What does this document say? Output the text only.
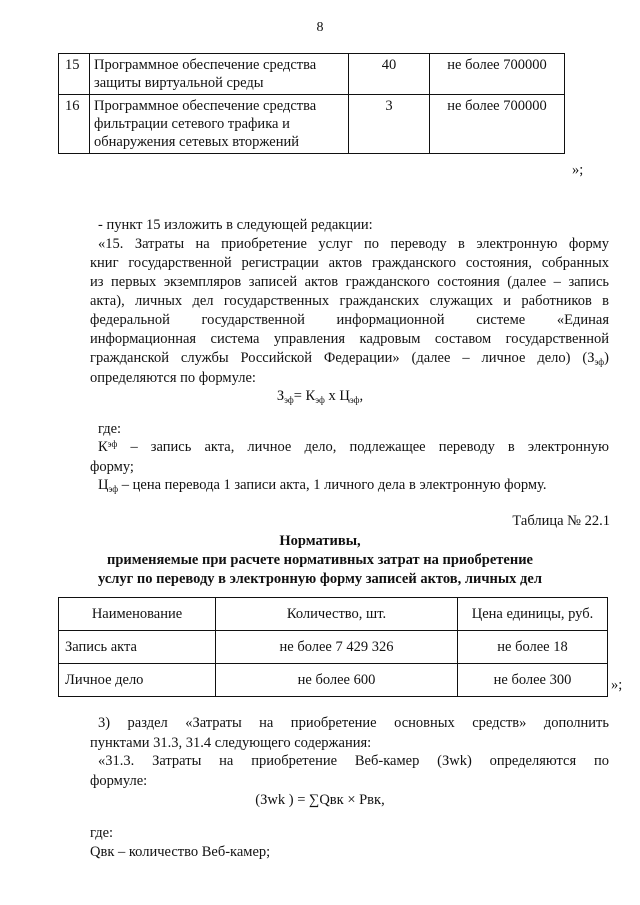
8
15	Программное обеспечение средства защиты виртуальной среды	40	не более 700000
16	Программное обеспечение средства фильтрации сетевого трафика и обнаружения сетевых вторжений	3	не более 700000
»;
- пункт 15 изложить в следующей редакции:
«15. Затраты на приобретение услуг по переводу в электронную форму
книг государственной регистрации актов гражданского состояния, собранных
из первых экземпляров записей актов гражданского состояния (далее – запись
акта), личных дел государственных гражданских служащих и работников в
федеральной государственной информационной системе «Единая
информационная система управления кадровым составом государственной
гражданской службы Российской Федерации» (далее – личное дело) (З $_{эф}$)
определяются по формуле:
$З_{эф}= К_{эф}$ x $Ц_{эф}$,
где:
К эф – запись акта, личное дело, подлежащее переводу в электронную
форму;
$Ц_{эф}$ – цена перевода 1 записи акта, 1 личного дела в электронную форму.
Таблица № 22.1
Нормативы,
применяемые при расчете нормативных затрат на приобретение
услуг по переводу в электронную форму записей актов, личных дел
Наименование	Количество, шт.	Цена единицы, руб.
Запись акта	не более 7 429 326	не более 18
Личное дело	не более 600	не более 300	»;
3) раздел «Затраты на приобретение основных средств» дополнить
пунктами 31.3, 31.4 следующего содержания:
«31.3. Затраты на приобретение Веб-камер (Зwk) определяются по
формуле:
(Зwk ) = ∑Qвк × Рвк,
где:
Qвк – количество Веб-камер;
